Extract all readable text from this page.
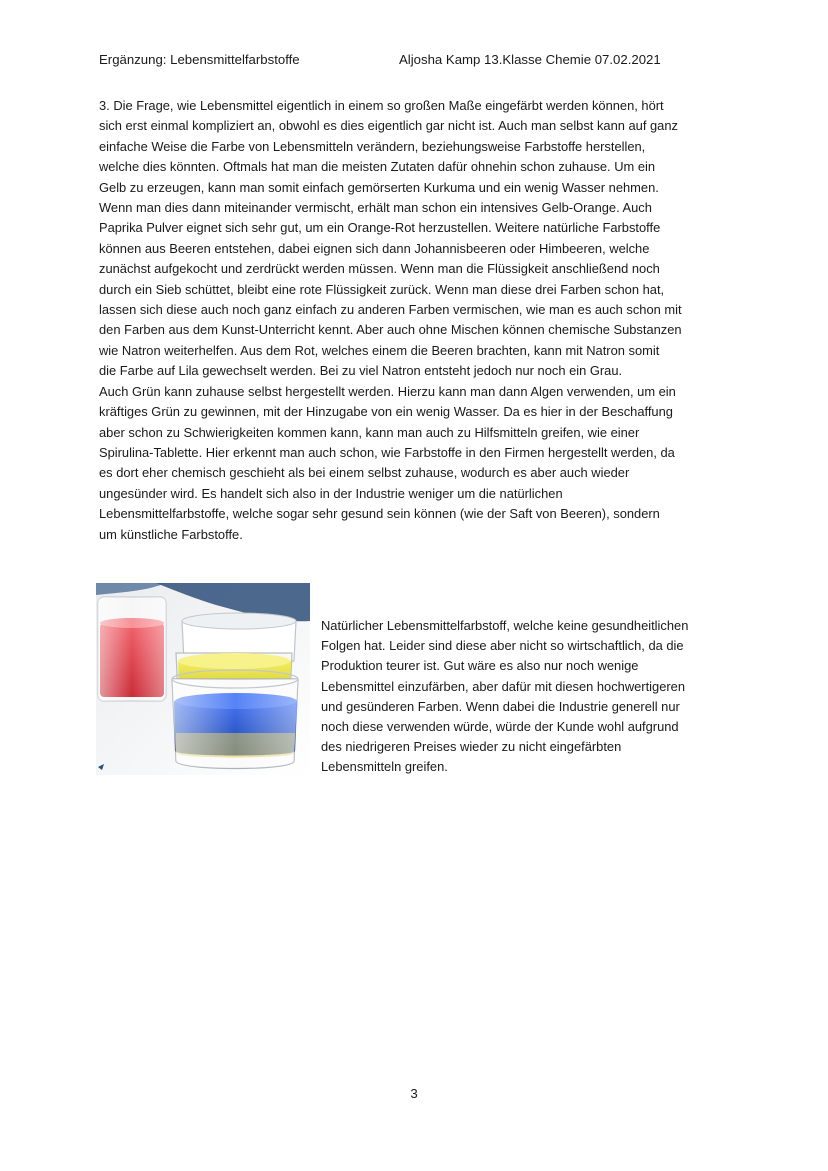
Ergänzung: Lebensmittelfarbstoffe	Aljosha Kamp 13.Klasse Chemie 07.02.2021

3. Die Frage, wie Lebensmittel eigentlich in einem so großen Maße eingefärbt werden können, hört

sich erst einmal kompliziert an, obwohl es dies eigentlich gar nicht ist. Auch man selbst kann auf ganz

einfache Weise die Farbe von Lebensmitteln verändern, beziehungsweise Farbstoffe herstellen,

welche dies könnten. Oftmals hat man die meisten Zutaten dafür ohnehin schon zuhause. Um ein

Gelb zu erzeugen, kann man somit einfach gemörserten Kurkuma und ein wenig Wasser nehmen.

Wenn man dies dann miteinander vermischt, erhält man schon ein intensives Gelb-Orange. Auch

Paprika Pulver eignet sich sehr gut, um ein Orange-Rot herzustellen. Weitere natürliche Farbstoffe

können aus Beeren entstehen, dabei eignen sich dann Johannisbeeren oder Himbeeren, welche

zunächst aufgekocht und zerdrückt werden müssen. Wenn man die Flüssigkeit anschließend noch

durch ein Sieb schüttet, bleibt eine rote Flüssigkeit zurück. Wenn man diese drei Farben schon hat,

lassen sich diese auch noch ganz einfach zu anderen Farben vermischen, wie man es auch schon mit

den Farben aus dem Kunst-Unterricht kennt. Aber auch ohne Mischen können chemische Substanzen

wie Natron weiterhelfen. Aus dem Rot, welches einem die Beeren brachten, kann mit Natron somit

die Farbe auf Lila gewechselt werden. Bei zu viel Natron entsteht jedoch nur noch ein Grau.

Auch Grün kann zuhause selbst hergestellt werden. Hierzu kann man dann Algen verwenden, um ein

kräftiges Grün zu gewinnen, mit der Hinzugabe von ein wenig Wasser. Da es hier in der Beschaffung

aber schon zu Schwierigkeiten kommen kann, kann man auch zu Hilfsmitteln greifen, wie einer

Spirulina-Tablette. Hier erkennt man auch schon, wie Farbstoffe in den Firmen hergestellt werden, da

es dort eher chemisch geschieht als bei einem selbst zuhause, wodurch es aber auch wieder

ungesünder wird. Es handelt sich also in der Industrie weniger um die natürlichen

Lebensmittelfarbstoffe, welche sogar sehr gesund sein können (wie der Saft von Beeren), sondern

um künstliche Farbstoffe.

Natürlicher Lebensmittelfarbstoff, welche keine gesundheitlichen

Folgen hat. Leider sind diese aber nicht so wirtschaftlich, da die

Produktion teurer ist. Gut wäre es also nur noch wenige

Lebensmittel einzufärben, aber dafür mit diesen hochwertigeren

und gesünderen Farben. Wenn dabei die Industrie generell nur

noch diese verwenden würde, würde der Kunde wohl aufgrund

des niedrigeren Preises wieder zu nicht eingefärbten

Lebensmitteln greifen.

3
